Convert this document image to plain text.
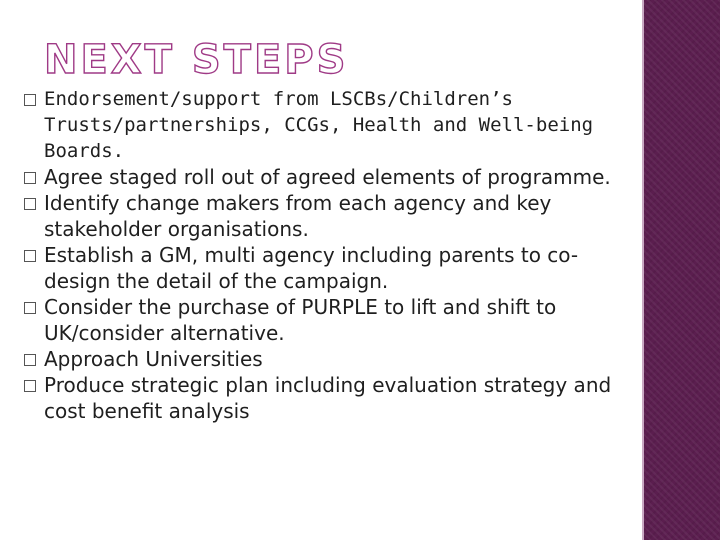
NEXT STEPS
Endorsement/support from LSCBs/Children’s Trusts/partnerships, CCGs, Health and Well-being Boards.
Agree staged roll out of agreed elements of programme.
Identify change makers from each agency and key stakeholder organisations.
Establish a GM, multi agency including parents to co-design the detail of the campaign.
Consider the purchase of PURPLE to lift and shift to UK/consider alternative.
Approach Universities
Produce strategic plan including evaluation strategy and cost benefit analysis
